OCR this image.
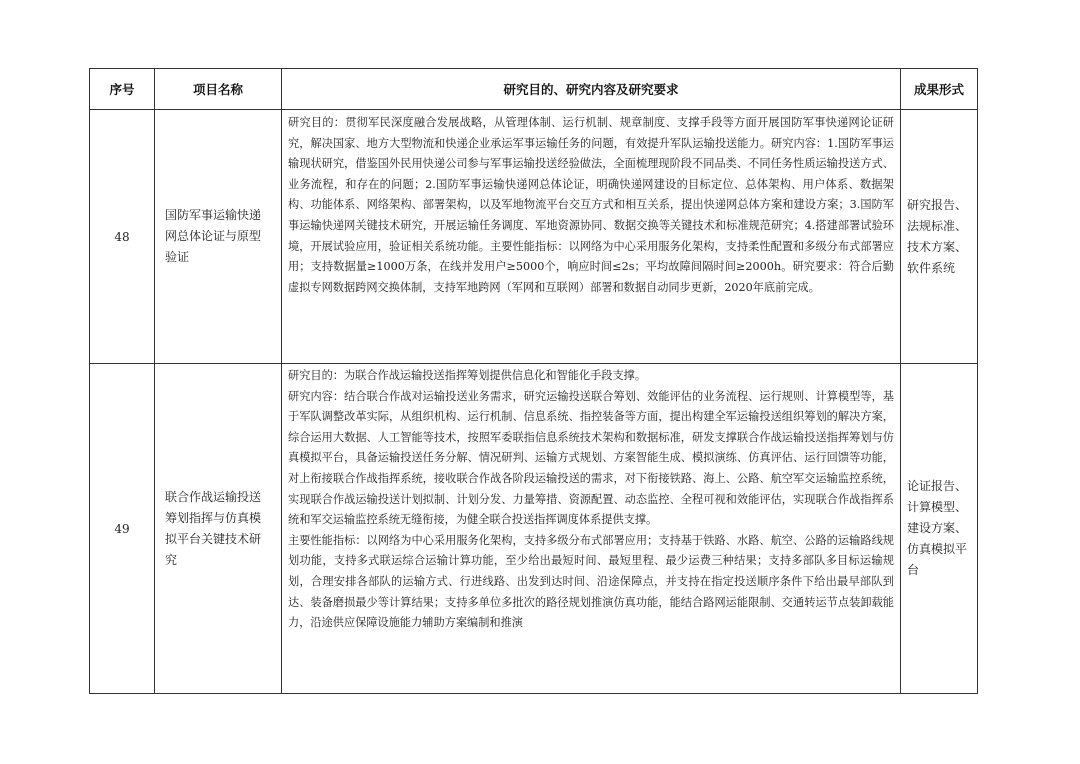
序号	项目名称	研究目的、研究内容及研究要求	成果形式
48	国防军事运输快递网总体论证与原型验证	研究目的：贯彻军民深度融合发展战略，从管理体制、运行机制、规章制度、支撑手段等方面开展国防军事快递网论证研究，解决国家、地方大型物流和快递企业承运军事运输任务的问题，有效提升军队运输投送能力。研究内容：1.国防军事运输现状研究，借鉴国外民用快递公司参与军事运输投送经验做法，全面梳理现阶段不同品类、不同任务性质运输投送方式、业务流程，和存在的问题；2.国防军事运输快递网总体论证，明确快递网建设的目标定位、总体架构、用户体系、数据架构、功能体系、网络架构、部署架构，以及军地物流平台交互方式和相互关系，提出快递网总体方案和建设方案；3.国防军事运输快递网关键技术研究，开展运输任务调度、军地资源协同、数据交换等关键技术和标准规范研究；4.搭建部署试验环境，开展试验应用，验证相关系统功能。主要性能指标：以网络为中心采用服务化架构，支持柔性配置和多级分布式部署应用；支持数据量≥1000万条，在线并发用户≥5000个，响应时间≤2s；平均故障间隔时间≥2000h。研究要求：符合后勤虚拟专网数据跨网交换体制，支持军地跨网（军网和互联网）部署和数据自动同步更新，2020年底前完成。	研究报告、法规标准、技术方案、软件系统
49	联合作战运输投送筹划指挥与仿真模拟平台关键技术研究	研究目的：为联合作战运输投送指挥筹划提供信息化和智能化手段支撑。
研究内容：结合联合作战对运输投送业务需求，研究运输投送联合筹划、效能评估的业务流程、运行规则、计算模型等，基于军队调整改革实际，从组织机构、运行机制、信息系统、指控装备等方面，提出构建全军运输投送组织筹划的解决方案，综合运用大数据、人工智能等技术，按照军委联指信息系统技术架构和数据标准，研发支撑联合作战运输投送指挥筹划与仿真模拟平台，具备运输投送任务分解、情况研判、运输方式规划、方案智能生成、模拟演练、仿真评估、运行回馈等功能，对上衔接联合作战指挥系统，接收联合作战各阶段运输投送的需求，对下衔接铁路、海上、公路、航空军交运输监控系统，实现联合作战运输投送计划拟制、计划分发、力量筹措、资源配置、动态监控、全程可视和效能评估，实现联合作战指挥系统和军交运输监控系统无缝衔接，为健全联合投送指挥调度体系提供支撑。
主要性能指标：以网络为中心采用服务化架构，支持多级分布式部署应用；支持基于铁路、水路、航空、公路的运输路线规划功能，支持多式联运综合运输计算功能，至少给出最短时间、最短里程、最少运费三种结果；支持多部队多目标运输规划，合理安排各部队的运输方式、行进线路、出发到达时间、沿途保障点，并支持在指定投送顺序条件下给出最早部队到达、装备磨损最少等计算结果；支持多单位多批次的路径规划推演仿真功能，能结合路网运能限制、交通转运节点装卸载能力，沿途供应保障设施能力辅助方案编制和推演	论证报告、计算模型、建设方案、仿真模拟平台
